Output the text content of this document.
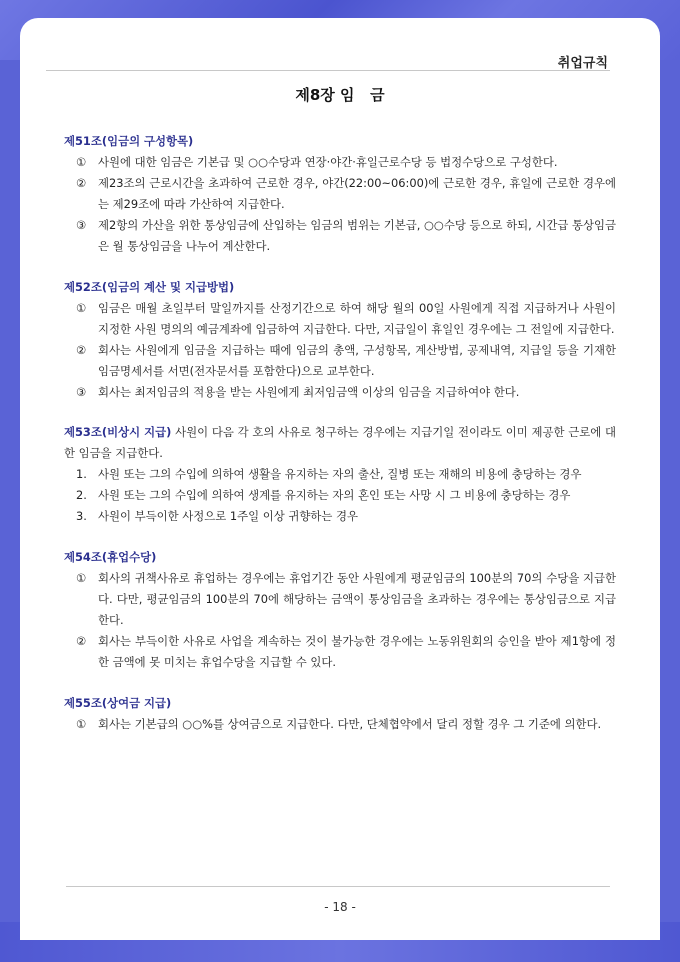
취업규칙
제8장 임   금
제51조(임금의 구성항목)
①	사원에 대한 임금은 기본급 및 ○○수당과 연장·야간·휴일근로수당 등 법정수당으로 구성한다.
②	제23조의 근로시간을 초과하여 근로한 경우, 야간(22:00~06:00)에 근로한 경우, 휴일에 근로한 경우에는 제29조에 따라 가산하여 지급한다.
③	제2항의 가산을 위한 통상임금에 산입하는 임금의 범위는 기본급, ○○수당 등으로 하되, 시간급 통상임금은 월 통상임금을 나누어 계산한다.
제52조(임금의 계산 및 지급방법)
①	임금은 매월 초일부터 말일까지를 산정기간으로 하여 해당 월의 00일 사원에게 직접 지급하거나 사원이 지정한 사원 명의의 예금계좌에 입금하여 지급한다. 다만, 지급일이 휴일인 경우에는 그 전일에 지급한다.
②	회사는 사원에게 임금을 지급하는 때에 임금의 총액, 구성항목, 계산방법, 공제내역, 지급일 등을 기재한 임금명세서를 서면(전자문서를 포함한다)으로 교부한다.
③	회사는 최저임금의 적용을 받는 사원에게 최저임금액 이상의 임금을 지급하여야 한다.
제53조(비상시 지급) 사원이 다음 각 호의 사유로 청구하는 경우에는 지급기일 전이라도 이미 제공한 근로에 대한 임금을 지급한다.
1. 사원 또는 그의 수입에 의하여 생활을 유지하는 자의 출산, 질병 또는 재해의 비용에 충당하는 경우
2. 사원 또는 그의 수입에 의하여 생계를 유지하는 자의 혼인 또는 사망 시 그 비용에 충당하는 경우
3. 사원이 부득이한 사정으로 1주일 이상 귀향하는 경우
제54조(휴업수당)
①	회사의 귀책사유로 휴업하는 경우에는 휴업기간 동안 사원에게 평균임금의 100분의 70의 수당을 지급한다. 다만, 평균임금의 100분의 70에 해당하는 금액이 통상임금을 초과하는 경우에는 통상임금으로 지급한다.
②	회사는 부득이한 사유로 사업을 계속하는 것이 불가능한 경우에는 노동위원회의 승인을 받아 제1항에 정한 금액에 못 미치는 휴업수당을 지급할 수 있다.
제55조(상여금 지급)
①	회사는 기본급의 ○○%를 상여금으로 지급한다. 다만, 단체협약에서 달리 정할 경우 그 기준에 의한다.
- 18 -
